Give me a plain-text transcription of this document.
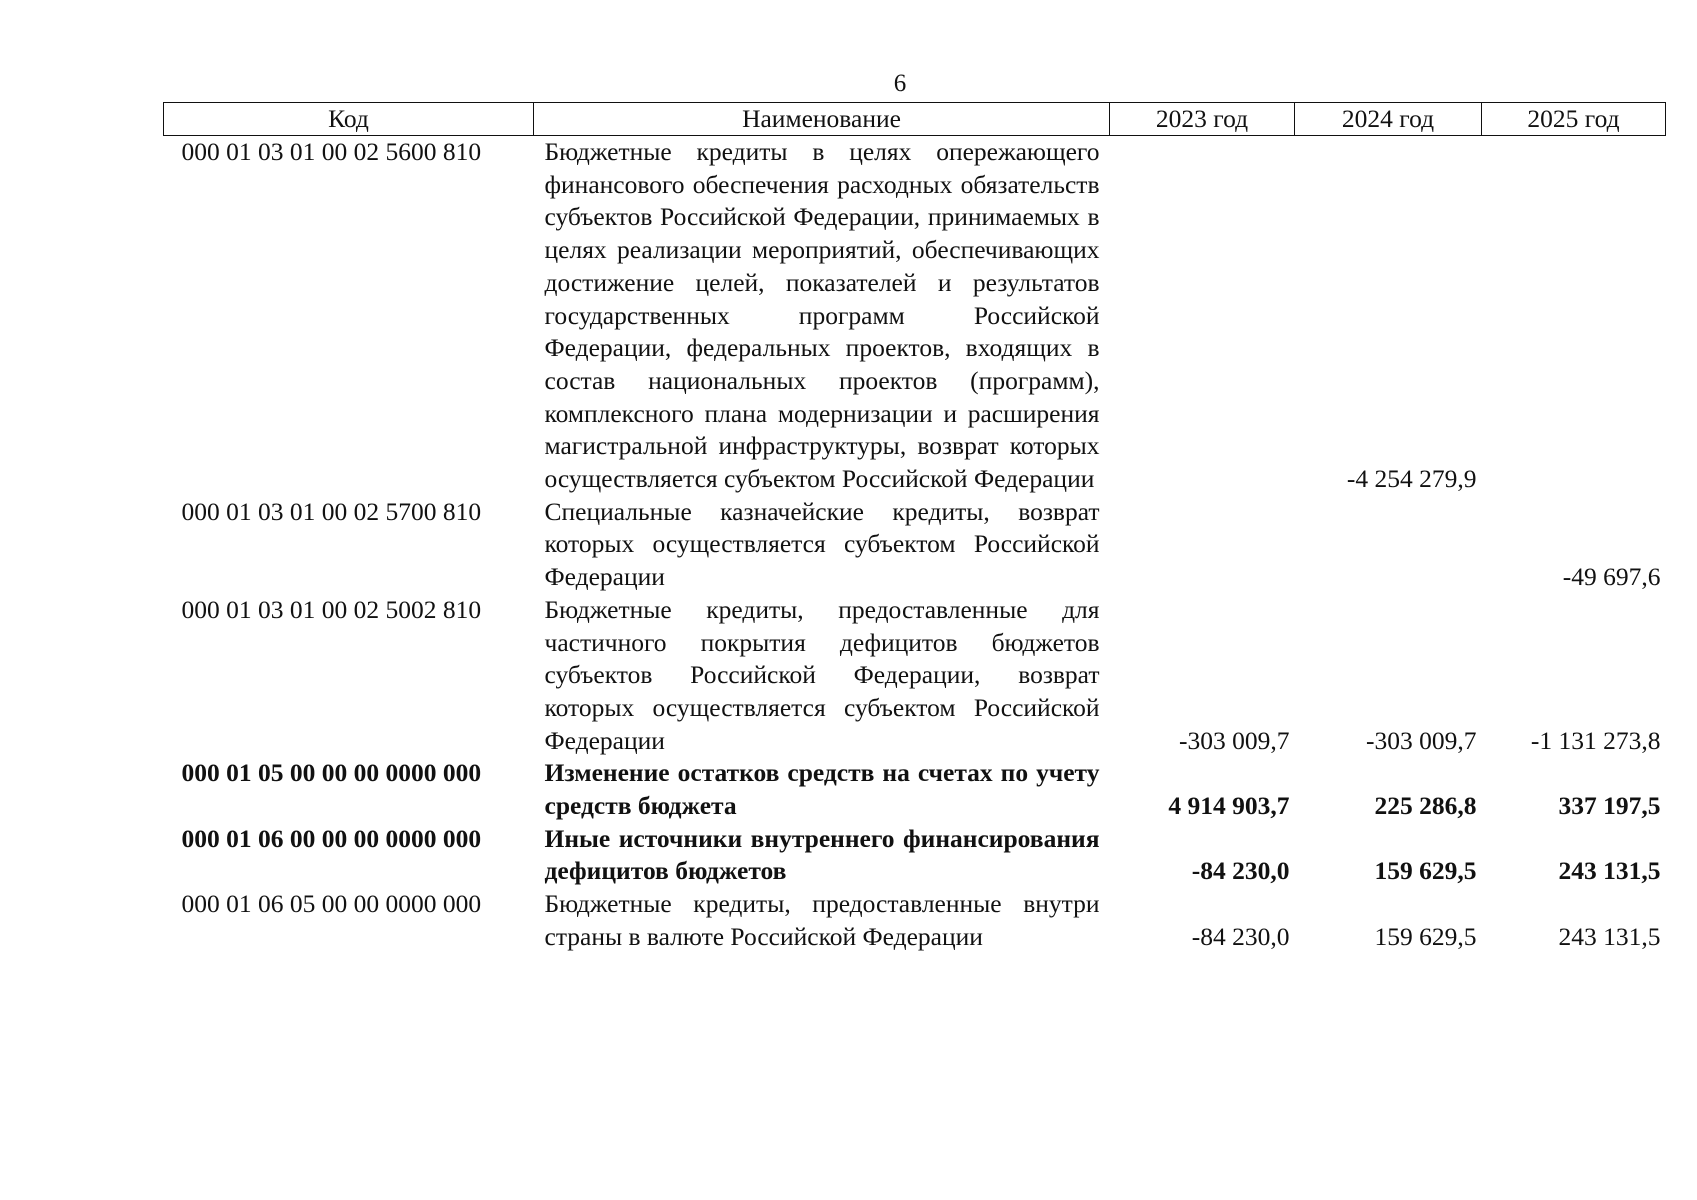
6
Код	Наименование	2023 год	2024 год	2025 год
000 01 03 01 00 02 5600 810	Бюджетные кредиты в целях опережающего финансового обеспечения расходных обязательств субъектов Российской Федерации, принимаемых в целях реализации мероприятий, обеспечивающих достижение целей, показателей и результатов государственных программ Российской Федерации, федеральных проектов, входящих в состав национальных проектов (программ), комплексного плана модернизации и расширения магистральной инфраструктуры, возврат которых осуществляется субъектом Российской Федерации		-4 254 279,9	
000 01 03 01 00 02 5700 810	Специальные казначейские кредиты, возврат которых осуществляется субъектом Российской Федерации			-49 697,6
000 01 03 01 00 02 5002 810	Бюджетные кредиты, предоставленные для частичного покрытия дефицитов бюджетов субъектов Российской Федерации, возврат которых осуществляется субъектом Российской Федерации	-303 009,7	-303 009,7	-1 131 273,8
000 01 05 00 00 00 0000 000	Изменение остатков средств на счетах по учету средств бюджета	4 914 903,7	225 286,8	337 197,5
000 01 06 00 00 00 0000 000	Иные источники внутреннего финансирования дефицитов бюджетов	-84 230,0	159 629,5	243 131,5
000 01 06 05 00 00 0000 000	Бюджетные кредиты, предоставленные внутри страны в валюте Российской Федерации	-84 230,0	159 629,5	243 131,5
